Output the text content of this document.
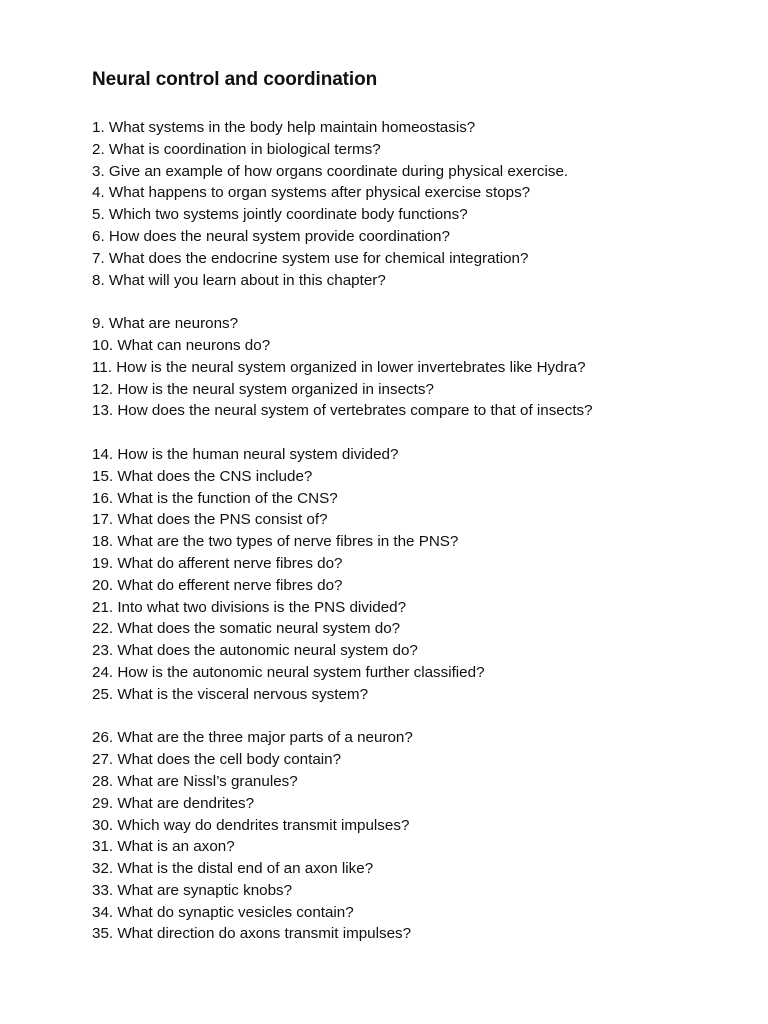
Neural control and coordination
1. What systems in the body help maintain homeostasis?
2. What is coordination in biological terms?
3. Give an example of how organs coordinate during physical exercise.
4. What happens to organ systems after physical exercise stops?
5. Which two systems jointly coordinate body functions?
6. How does the neural system provide coordination?
7. What does the endocrine system use for chemical integration?
8. What will you learn about in this chapter?
9. What are neurons?
10. What can neurons do?
11. How is the neural system organized in lower invertebrates like Hydra?
12. How is the neural system organized in insects?
13. How does the neural system of vertebrates compare to that of insects?
14. How is the human neural system divided?
15. What does the CNS include?
16. What is the function of the CNS?
17. What does the PNS consist of?
18. What are the two types of nerve fibres in the PNS?
19. What do afferent nerve fibres do?
20. What do efferent nerve fibres do?
21. Into what two divisions is the PNS divided?
22. What does the somatic neural system do?
23. What does the autonomic neural system do?
24. How is the autonomic neural system further classified?
25. What is the visceral nervous system?
26. What are the three major parts of a neuron?
27. What does the cell body contain?
28. What are Nissl’s granules?
29. What are dendrites?
30. Which way do dendrites transmit impulses?
31. What is an axon?
32. What is the distal end of an axon like?
33. What are synaptic knobs?
34. What do synaptic vesicles contain?
35. What direction do axons transmit impulses?
